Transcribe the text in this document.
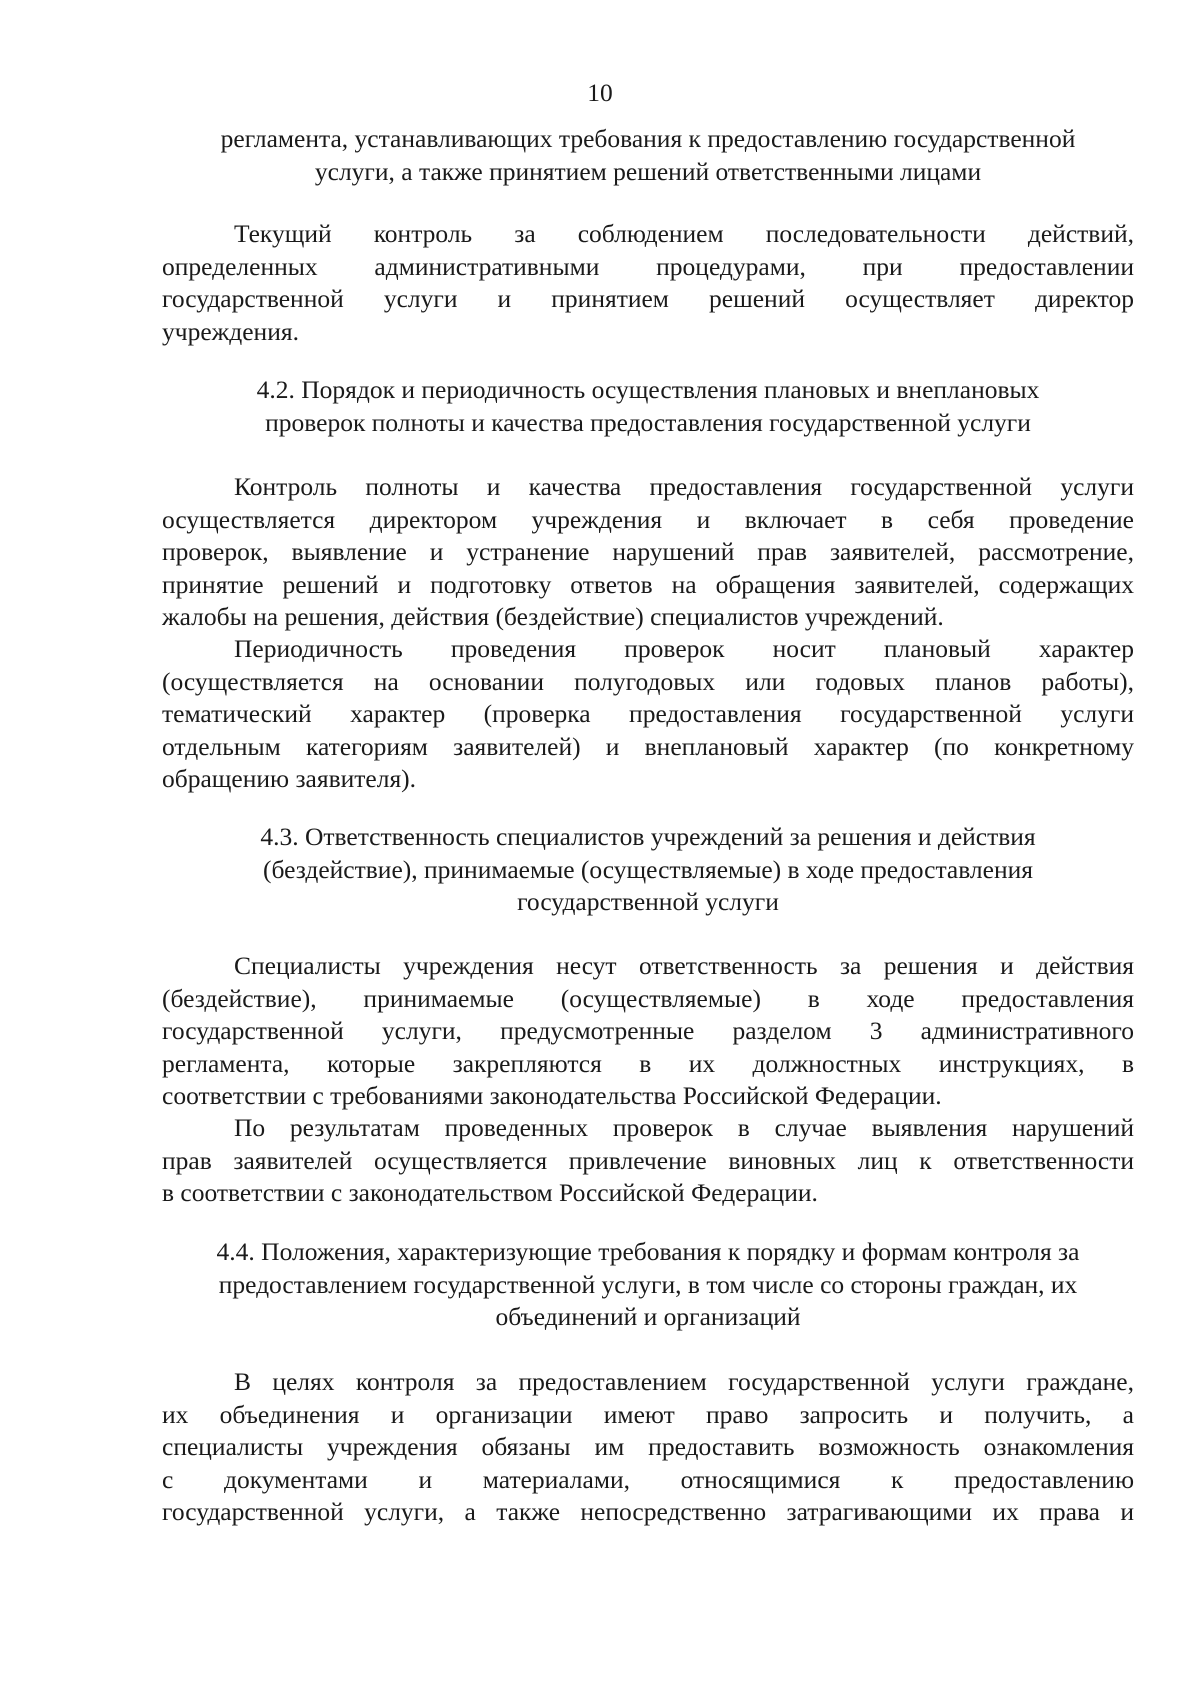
10
регламента, устанавливающих требования к предоставлению государственной
услуги, а также принятием решений ответственными лицами
Текущий контроль за соблюдением последовательности действий,
определенных административными процедурами, при предоставлении
государственной услуги и принятием решений осуществляет директор
учреждения.
4.2. Порядок и периодичность осуществления плановых и внеплановых
проверок полноты и качества предоставления государственной услуги
Контроль полноты и качества предоставления государственной услуги
осуществляется директором учреждения и включает в себя проведение
проверок, выявление и устранение нарушений прав заявителей, рассмотрение,
принятие решений и подготовку ответов на обращения заявителей, содержащих
жалобы на решения, действия (бездействие) специалистов учреждений.
Периодичность проведения проверок носит плановый характер
(осуществляется на основании полугодовых или годовых планов работы),
тематический характер (проверка предоставления государственной услуги
отдельным категориям заявителей) и внеплановый характер (по конкретному
обращению заявителя).
4.3. Ответственность специалистов учреждений за решения и действия
(бездействие), принимаемые (осуществляемые) в ходе предоставления
государственной услуги
Специалисты учреждения несут ответственность за решения и действия
(бездействие), принимаемые (осуществляемые) в ходе предоставления
государственной услуги, предусмотренные разделом 3 административного
регламента, которые закрепляются в их должностных инструкциях, в
соответствии с требованиями законодательства Российской Федерации.
По результатам проведенных проверок в случае выявления нарушений
прав заявителей осуществляется привлечение виновных лиц к ответственности
в соответствии с законодательством Российской Федерации.
4.4. Положения, характеризующие требования к порядку и формам контроля за
предоставлением государственной услуги, в том числе со стороны граждан, их
объединений и организаций
В целях контроля за предоставлением государственной услуги граждане,
их объединения и организации имеют право запросить и получить, а
специалисты учреждения обязаны им предоставить возможность ознакомления
с документами и материалами, относящимися к предоставлению
государственной услуги, а также непосредственно затрагивающими их права и
